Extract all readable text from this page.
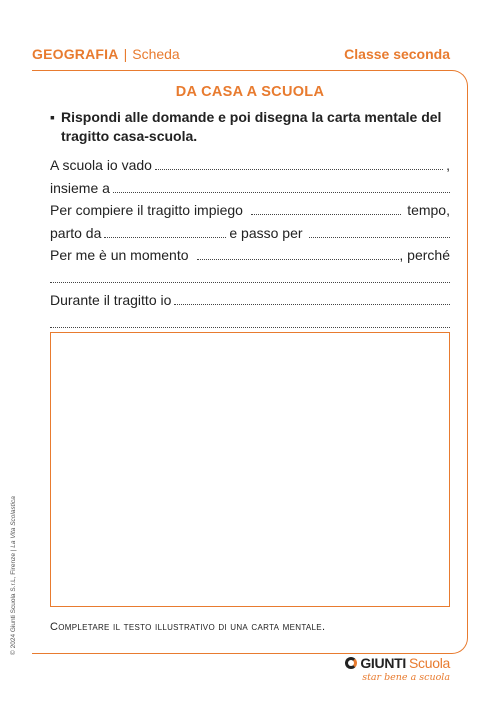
GEOGRAFIA | Scheda	Classe seconda
DA CASA A SCUOLA
▪ Rispondi alle domande e poi disegna la carta mentale del tragitto casa-scuola.
A scuola io vado	,
insieme a
Per compiere il tragitto impiego	tempo,
parto da	e passo per
Per me è un momento	, perché
Durante il tragitto io
Completare il testo illustrativo di una carta mentale.
© 2024 Giunti Scuola S.r.L, Firenze | La Vita Scolastica
GIUNTI Scuola
star bene a scuola
